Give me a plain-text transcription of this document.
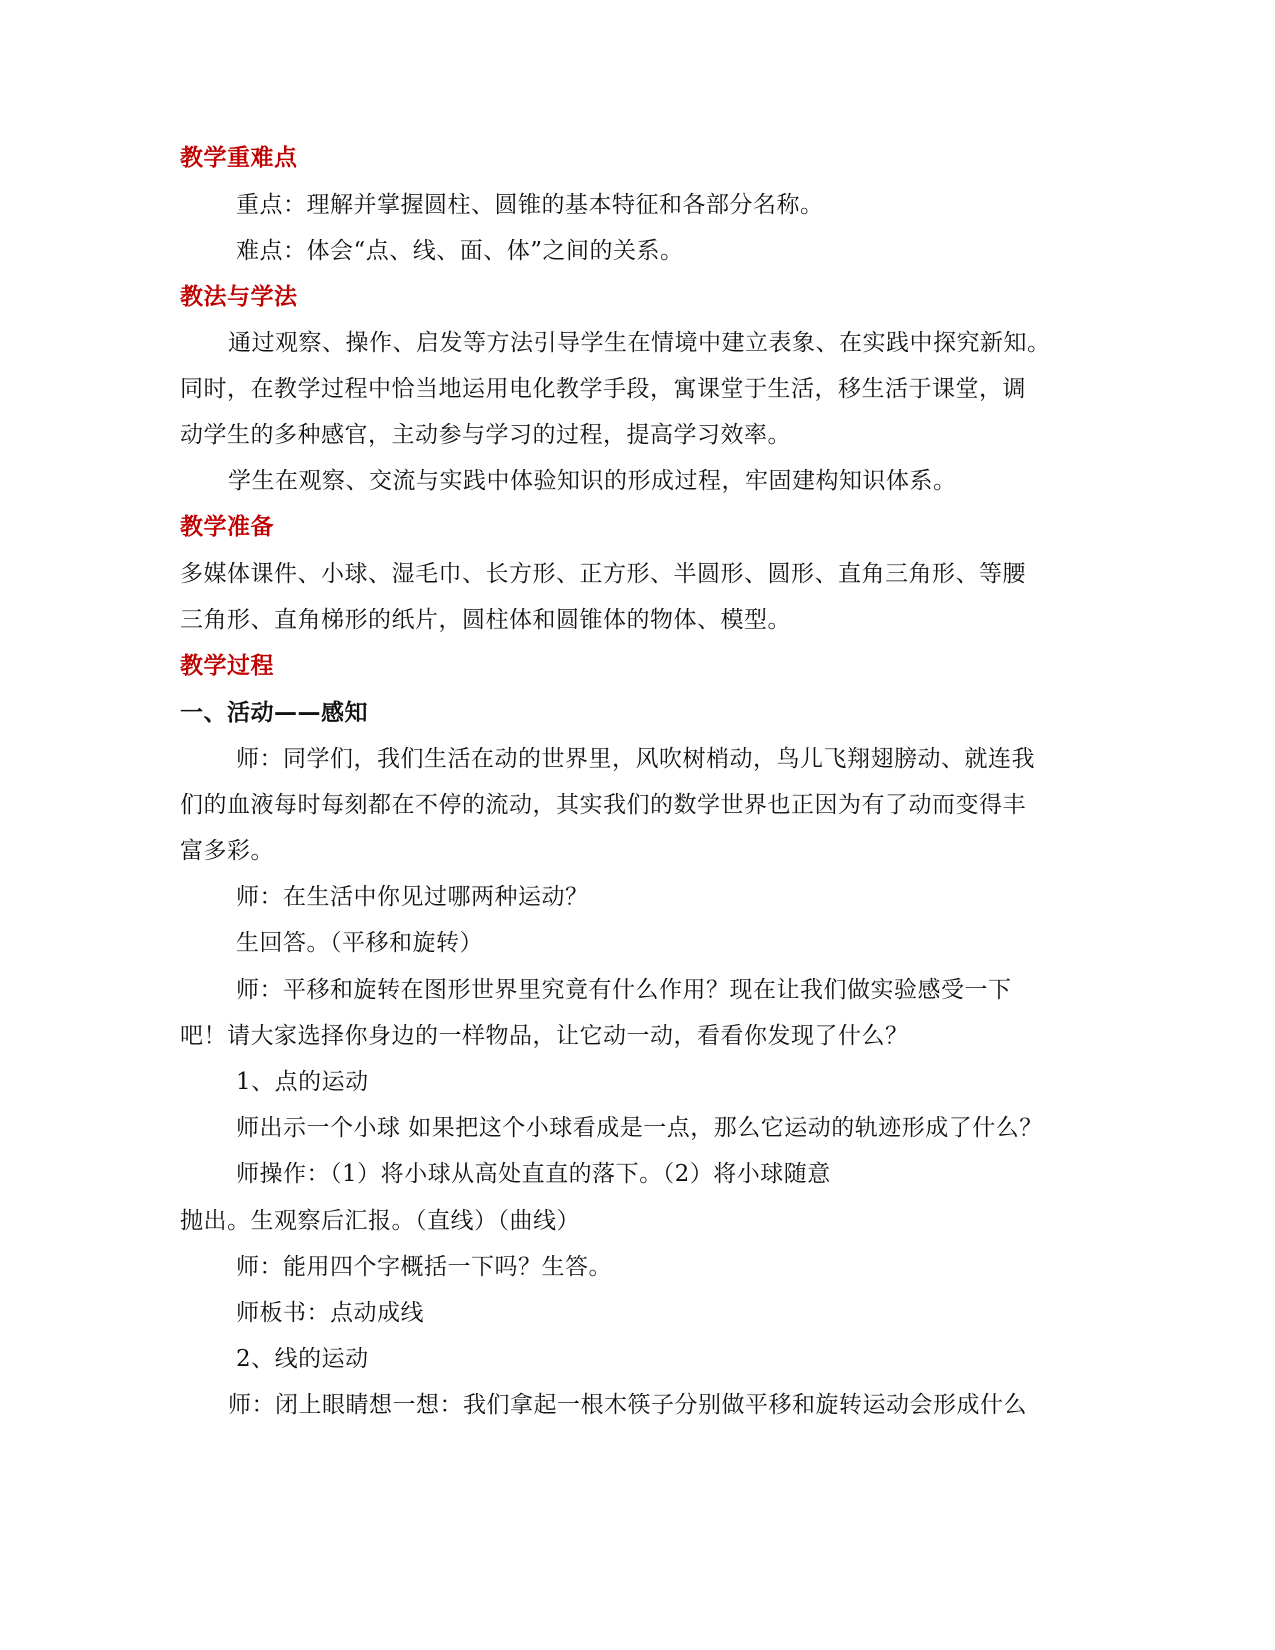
教学重难点
重点：理解并掌握圆柱、圆锥的基本特征和各部分名称。
难点：体会“点、线、面、体”之间的关系。
教法与学法
通过观察、操作、启发等方法引导学生在情境中建立表象、在实践中探究新知。
同时，在教学过程中恰当地运用电化教学手段，寓课堂于生活，移生活于课堂，调
动学生的多种感官，主动参与学习的过程，提高学习效率。
学生在观察、交流与实践中体验知识的形成过程，牢固建构知识体系。
教学准备
多媒体课件、小球、湿毛巾、长方形、正方形、半圆形、圆形、直角三角形、等腰
三角形、直角梯形的纸片，圆柱体和圆锥体的物体、模型。
教学过程
一、活动——感知
师：同学们，我们生活在动的世界里，风吹树梢动，鸟儿飞翔翅膀动、就连我
们的血液每时每刻都在不停的流动，其实我们的数学世界也正因为有了动而变得丰
富多彩。
师：在生活中你见过哪两种运动？
生回答。（平移和旋转）
师：平移和旋转在图形世界里究竟有什么作用？现在让我们做实验感受一下
吧！请大家选择你身边的一样物品，让它动一动，看看你发现了什么？
1、点的运动
师出示一个小球 如果把这个小球看成是一点，那么它运动的轨迹形成了什么？
师操作：（1）将小球从高处直直的落下。（2）将小球随意
抛出。生观察后汇报。（直线）（曲线）
师：能用四个字概括一下吗？生答。
师板书：点动成线
2、线的运动
师：闭上眼睛想一想：我们拿起一根木筷子分别做平移和旋转运动会形成什么
